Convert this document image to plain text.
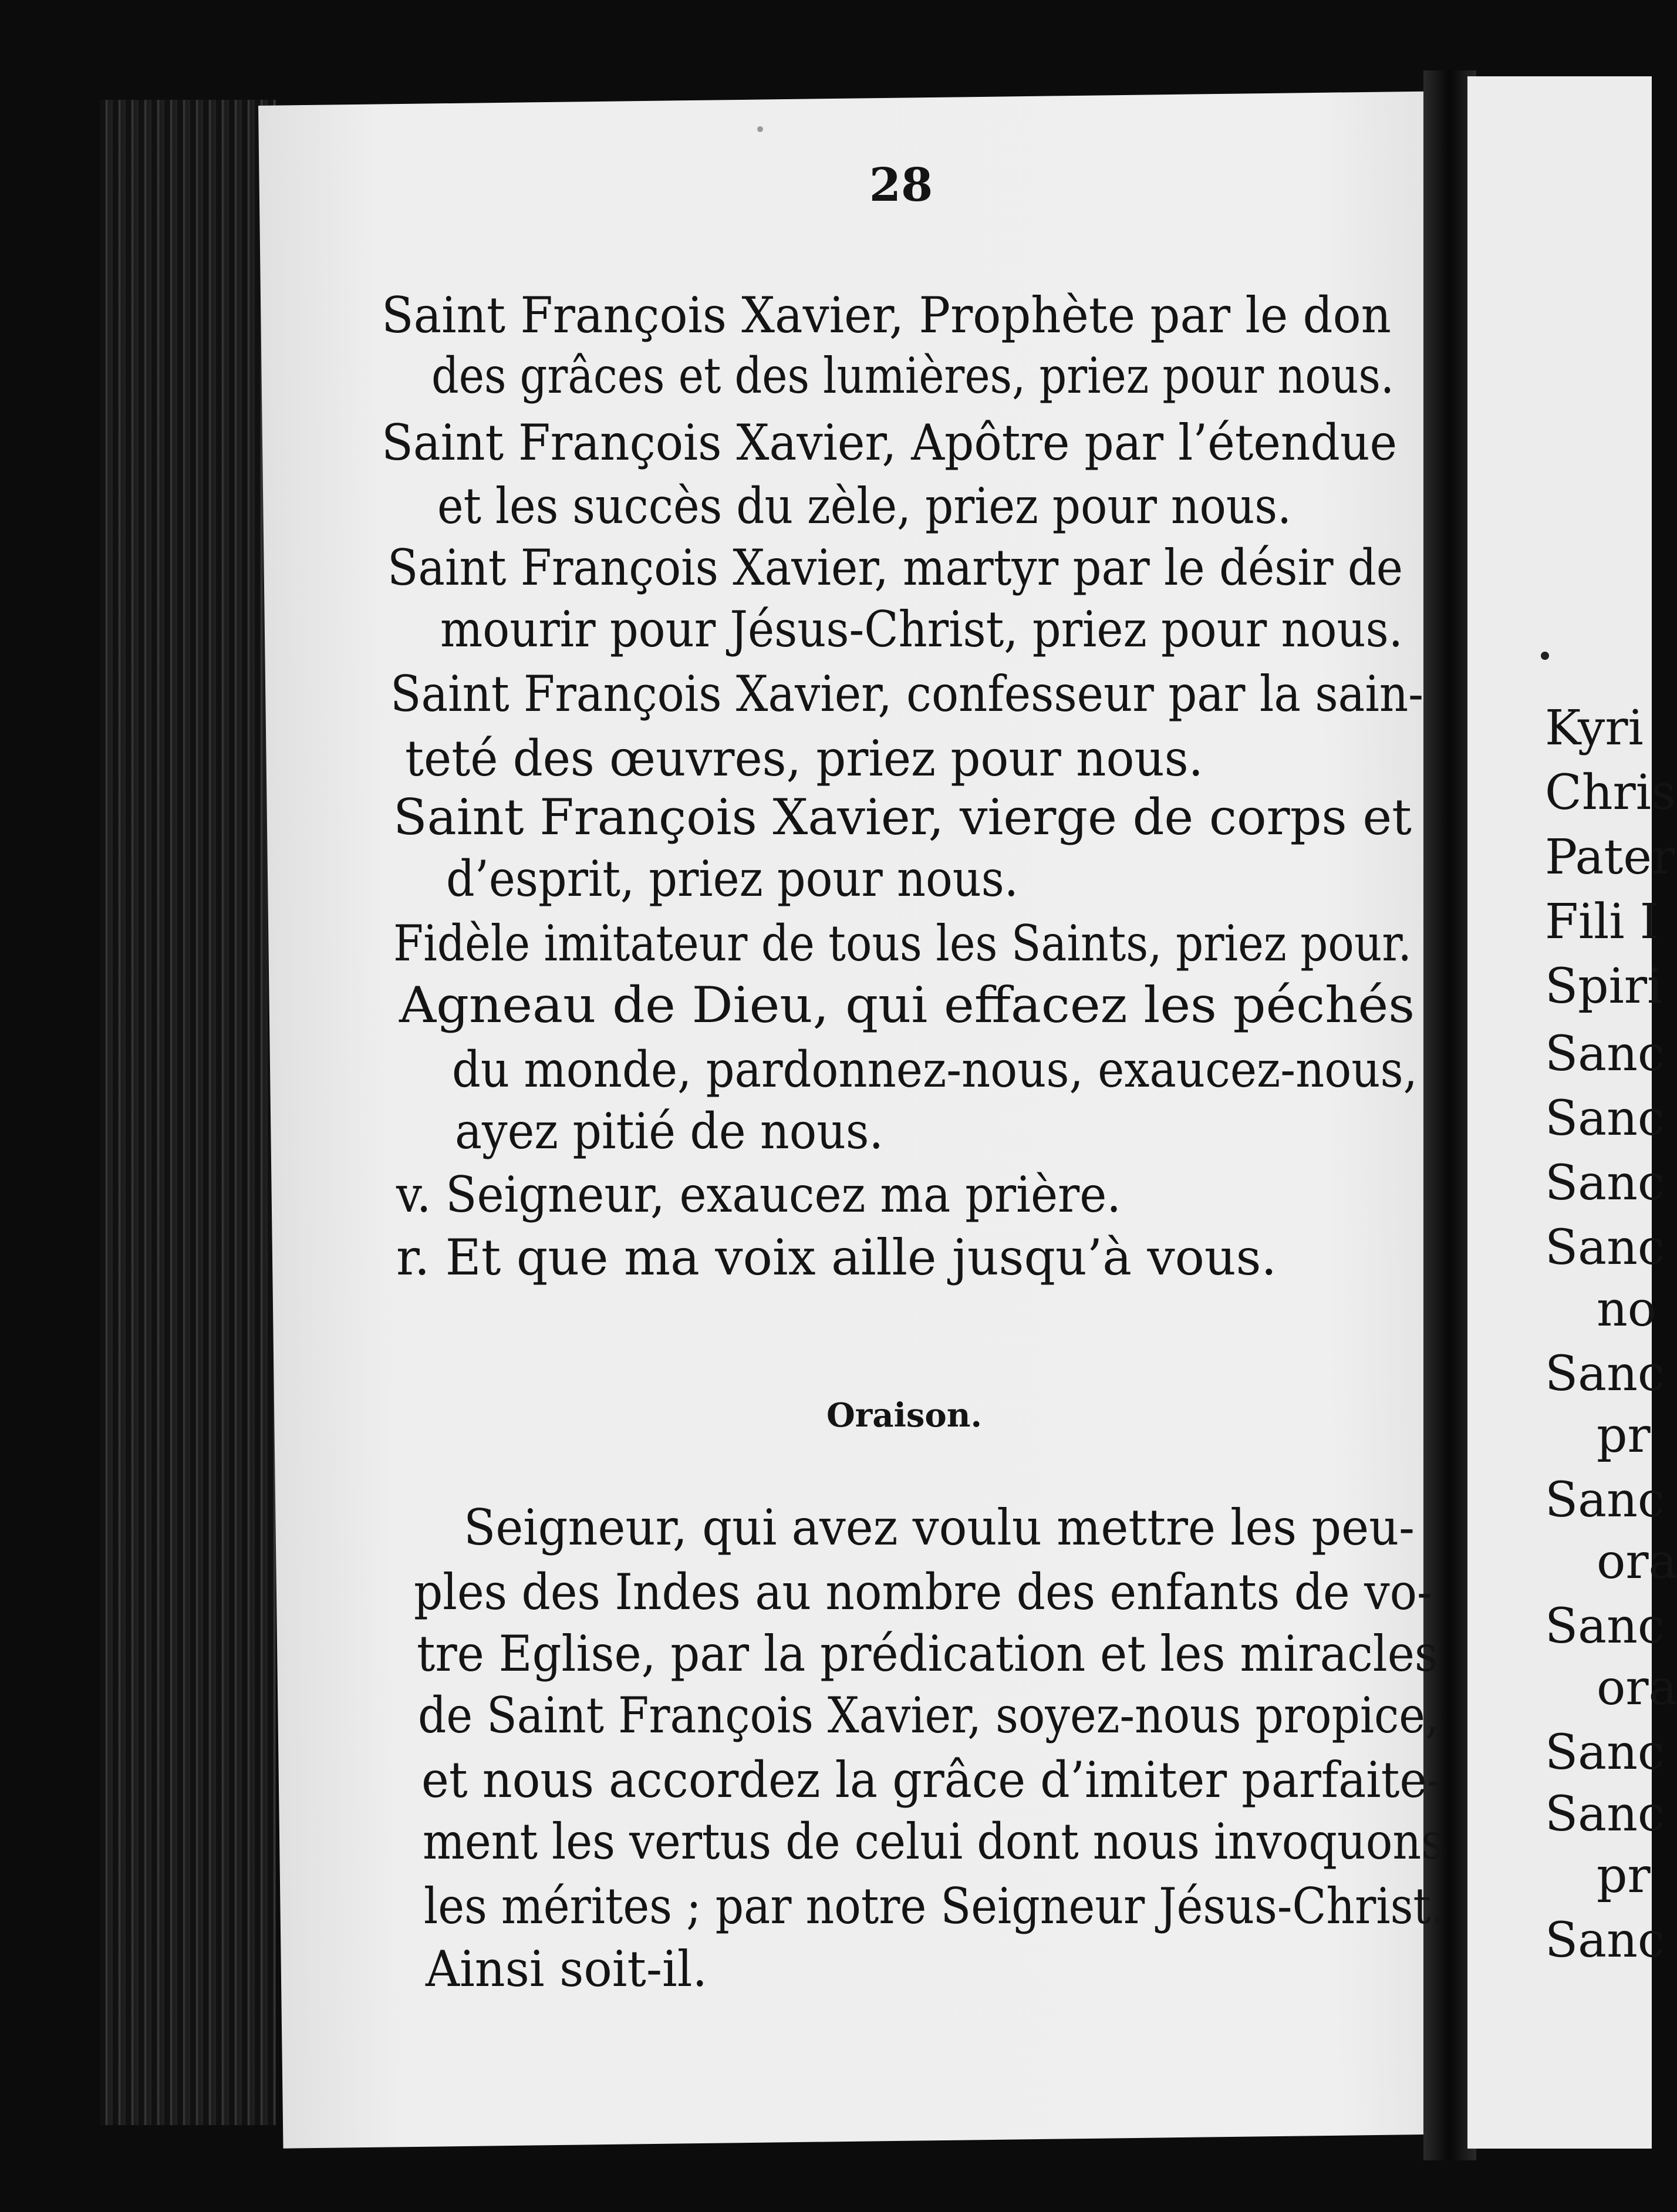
Kyri
Chris
Pater
Fili I
Spiri
Sanc
Sanc
Sanc
Sanc
no
Sanc
pr
Sanc
ora
Sanc
ora
Sanc
Sanc
pr
Sanc
28
Saint François Xavier, Prophète par le don
des grâces et des lumières, priez pour nous.
Saint François Xavier, Apôtre par l’étendue
et les succès du zèle, priez pour nous.
Saint François Xavier, martyr par le désir de
mourir pour Jésus-Christ, priez pour nous.
Saint François Xavier, confesseur par la sain-
teté des œuvres, priez pour nous.
Saint François Xavier, vierge de corps et
d’esprit, priez pour nous.
Fidèle imitateur de tous les Saints, priez pour.
Agneau de Dieu, qui effacez les péchés
du monde, pardonnez-nous, exaucez-nous,
ayez pitié de nous.
v. Seigneur, exaucez ma prière.
r. Et que ma voix aille jusqu’à vous.
Oraison.
Seigneur, qui avez voulu mettre les peu-
ples des Indes au nombre des enfants de vo-
tre Eglise, par la prédication et les miracles
de Saint François Xavier, soyez-nous propice,
et nous accordez la grâce d’imiter parfaite-
ment les vertus de celui dont nous invoquons
les mérites ; par notre Seigneur Jésus-Christ.
Ainsi soit-il.
